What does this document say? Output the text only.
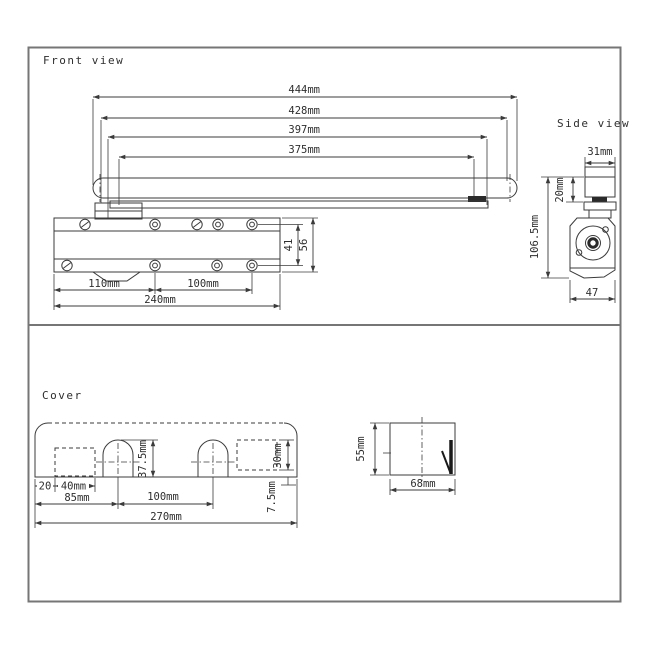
Front view
444mm
428mm
397mm
375mm
41 56
110mm	100mm
240mm
Side view
31mm
20mm
106.5mm
47
Cover
37.5mm	30mm
7.5mm
20 40mm
85mm	100mm
270mm
55mm
68mm
